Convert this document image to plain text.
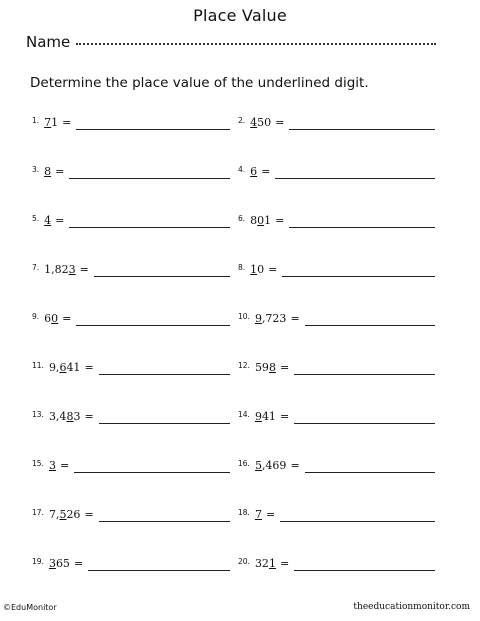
Place Value
Name
Determine the place value of the underlined digit.
1. 71 =	2. 450 =
3. 8 =	4. 6 =
5. 4 =	6. 801 =
7. 1,823 =	8. 10 =
9. 60 =	10. 9,723 =
11. 9,641 =	12. 598 =
13. 3,483 =	14. 941 =
15. 3 =	16. 5,469 =
17. 7,526 =	18. 7 =
19. 365 =	20. 321 =
©EduMonitor	theeducationmonitor.com
